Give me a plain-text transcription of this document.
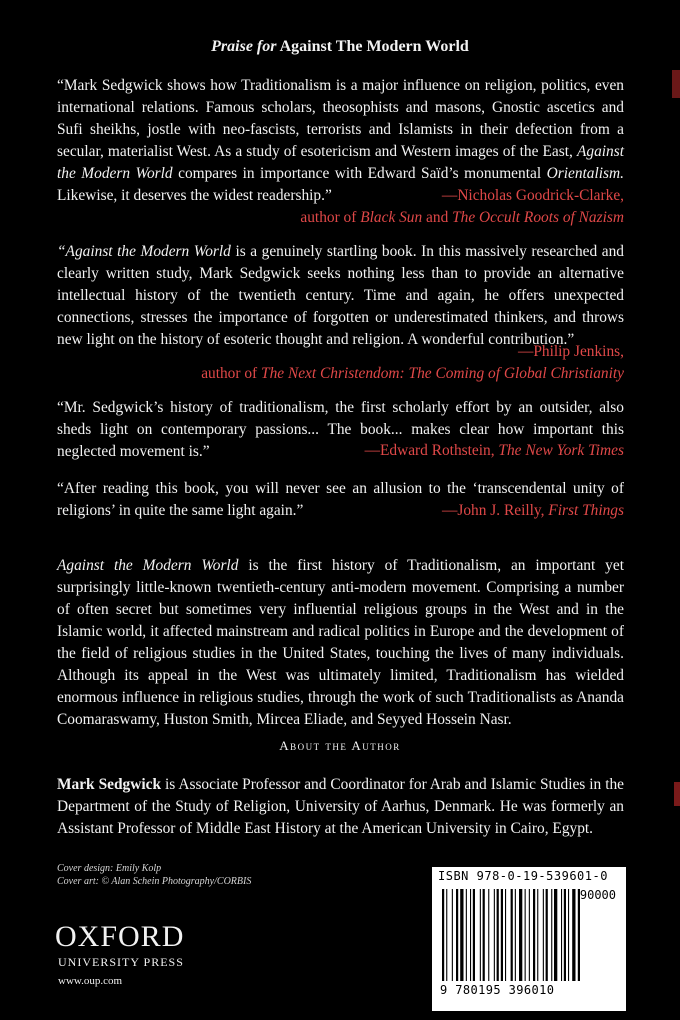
Praise for Against The Modern World
“Mark Sedgwick shows how Traditionalism is a major influence on religion, politics, even international relations. Famous scholars, theosophists and masons, Gnostic ascetics and Sufi sheikhs, jostle with neo-fascists, terrorists and Islamists in their defection from a secular, materialist West. As a study of esotericism and Western images of the East, Against the Modern World compares in importance with Edward Saïd’s monumental Orientalism. Likewise, it deserves the widest readership.”	—Nicholas Goodrick-Clarke,
author of Black Sun and The Occult Roots of Nazism
“Against the Modern World is a genuinely startling book. In this massively researched and clearly written study, Mark Sedgwick seeks nothing less than to provide an alternative intellectual history of the twentieth century. Time and again, he offers unexpected connections, stresses the importance of forgotten or underestimated thinkers, and throws new light on the history of esoteric thought and religion. A wonderful contribution.”
—Philip Jenkins,
author of The Next Christendom: The Coming of Global Christianity
“Mr. Sedgwick’s history of traditionalism, the first scholarly effort by an outsider, also sheds light on contemporary passions... The book... makes clear how important this neglected movement is.”	—Edward Rothstein, The New York Times
“After reading this book, you will never see an allusion to the ‘transcendental unity of religions’ in quite the same light again.”	—John J. Reilly, First Things
Against the Modern World is the first history of Traditionalism, an important yet surprisingly little-known twentieth-century anti-modern movement. Comprising a number of often secret but sometimes very influential religious groups in the West and in the Islamic world, it affected mainstream and radical politics in Europe and the development of the field of religious studies in the United States, touching the lives of many individuals. Although its appeal in the West was ultimately limited, Traditionalism has wielded enormous influence in religious studies, through the work of such Traditionalists as Ananda Coomaraswamy, Huston Smith, Mircea Eliade, and Seyyed Hossein Nasr.
About the Author
Mark Sedgwick is Associate Professor and Coordinator for Arab and Islamic Studies in the Department of the Study of Religion, University of Aarhus, Denmark. He was formerly an Assistant Professor of Middle East History at the American University in Cairo, Egypt.
Cover design: Emily Kolp
Cover art: © Alan Schein Photography/CORBIS
OXFORD
UNIVERSITY PRESS
www.oup.com
ISBN 978-0-19-539601-0
90000
9 780195 396010
